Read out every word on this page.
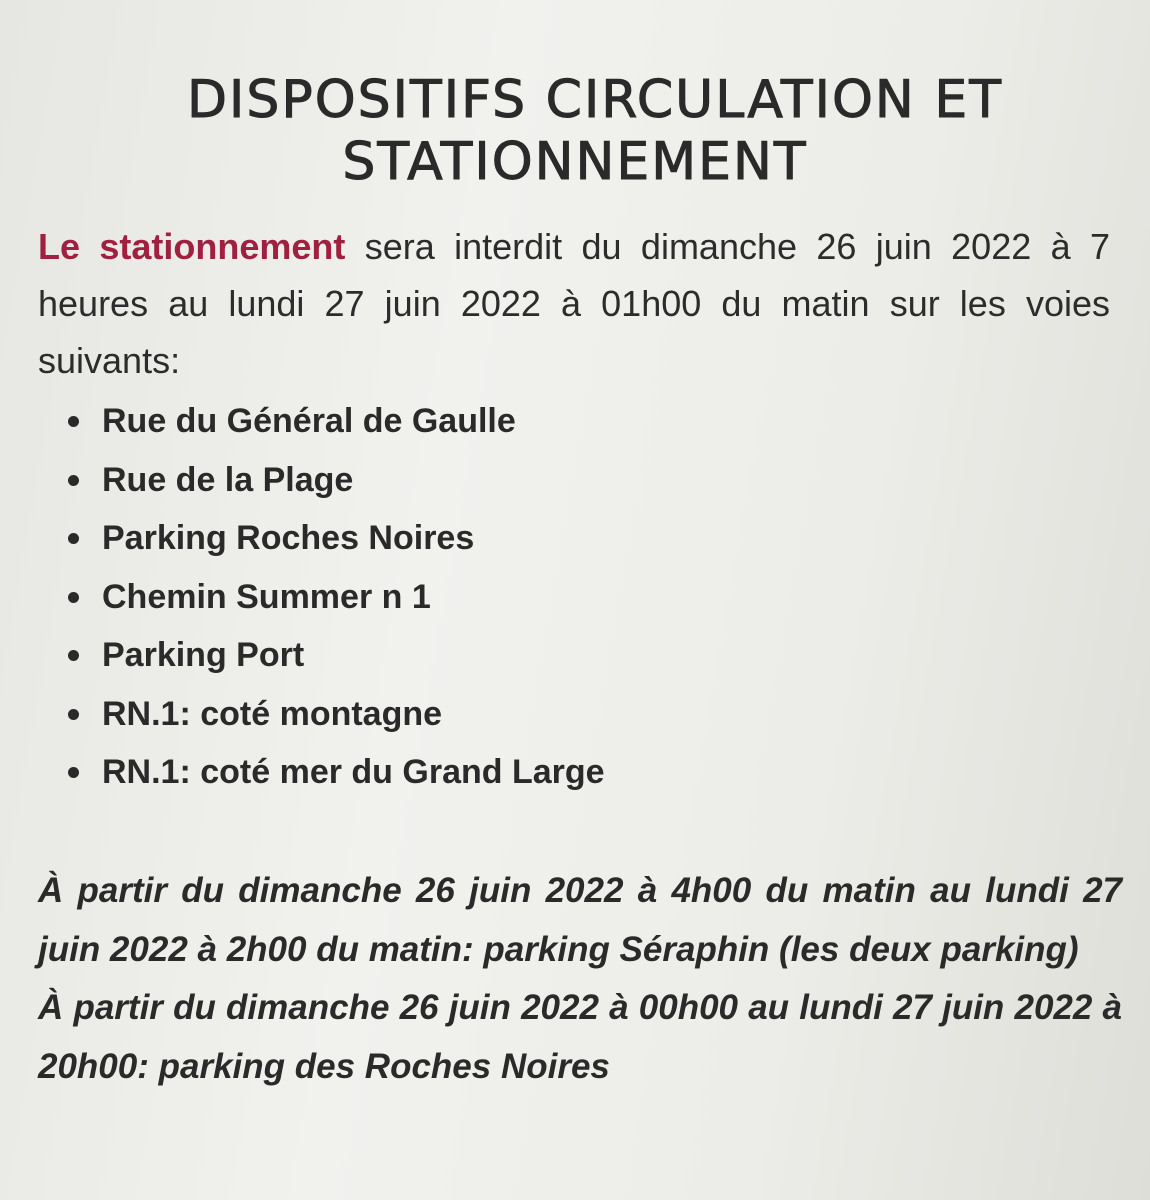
DISPOSITIFS CIRCULATION ET
STATIONNEMENT

Le stationnement sera interdit du dimanche 26 juin 2022 à 7 heures au lundi 27 juin 2022 à 01h00 du matin sur les voies suivants:

Rue du Général de Gaulle
Rue de la Plage
Parking Roches Noires
Chemin Summer n 1
Parking Port
RN.1: coté montagne
RN.1: coté mer du Grand Large

À partir du dimanche 26 juin 2022 à 4h00 du matin au lundi 27 juin 2022 à 2h00 du matin: parking Séraphin (les deux parking)

À partir du dimanche 26 juin 2022 à 00h00 au lundi 27 juin 2022 à 20h00: parking des Roches Noires
